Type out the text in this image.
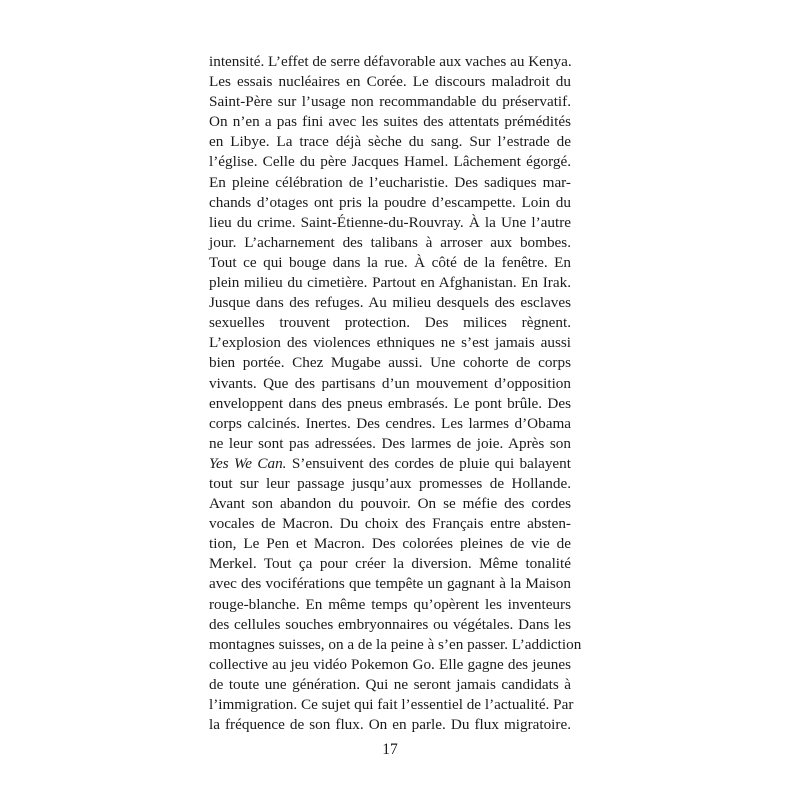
intensité. L’effet de serre défavorable aux vaches au Kenya.
Les essais nucléaires en Corée. Le discours maladroit du
Saint-Père sur l’usage non recommandable du préservatif.
On n’en a pas fini avec les suites des attentats prémédités
en Libye. La trace déjà sèche du sang. Sur l’estrade de
l’église. Celle du père Jacques Hamel. Lâchement égorgé.
En pleine célébration de l’eucharistie. Des sadiques mar-
chands d’otages ont pris la poudre d’escampette. Loin du
lieu du crime. Saint-Étienne-du-Rouvray. À la Une l’autre
jour. L’acharnement des talibans à arroser aux bombes.
Tout ce qui bouge dans la rue. À côté de la fenêtre. En
plein milieu du cimetière. Partout en Afghanistan. En Irak.
Jusque dans des refuges. Au milieu desquels des esclaves
sexuelles trouvent protection. Des milices règnent.
L’explosion des violences ethniques ne s’est jamais aussi
bien portée. Chez Mugabe aussi. Une cohorte de corps
vivants. Que des partisans d’un mouvement d’opposition
enveloppent dans des pneus embrasés. Le pont brûle. Des
corps calcinés. Inertes. Des cendres. Les larmes d’Obama
ne leur sont pas adressées. Des larmes de joie. Après son
Yes We Can. S’ensuivent des cordes de pluie qui balayent
tout sur leur passage jusqu’aux promesses de Hollande.
Avant son abandon du pouvoir. On se méfie des cordes
vocales de Macron. Du choix des Français entre absten-
tion, Le Pen et Macron. Des colorées pleines de vie de
Merkel. Tout ça pour créer la diversion. Même tonalité
avec des vociférations que tempête un gagnant à la Maison
rouge-blanche. En même temps qu’opèrent les inventeurs
des cellules souches embryonnaires ou végétales. Dans les
montagnes suisses, on a de la peine à s’en passer. L’addiction
collective au jeu vidéo Pokemon Go. Elle gagne des jeunes
de toute une génération. Qui ne seront jamais candidats à
l’immigration. Ce sujet qui fait l’essentiel de l’actualité. Par
la fréquence de son flux. On en parle. Du flux migratoire.
17
